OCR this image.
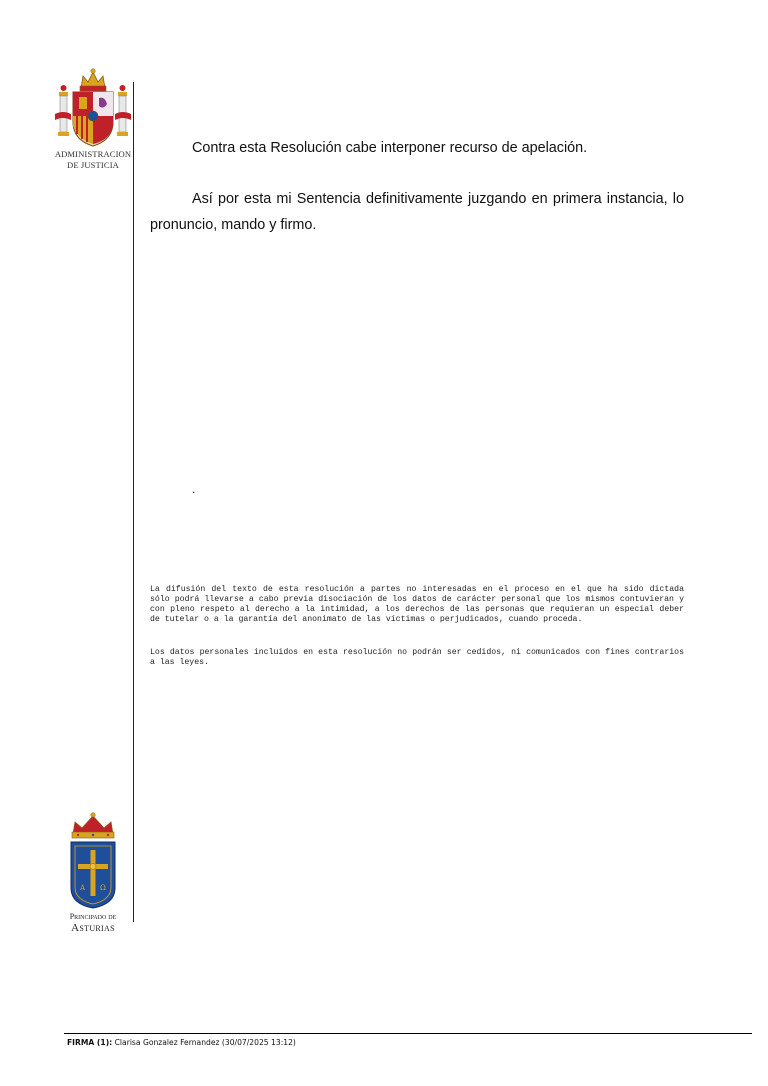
ADMINISTRACION
DE JUSTICIA
Contra esta Resolución cabe interponer recurso de apelación.
Así por esta mi Sentencia definitivamente juzgando en primera instancia, lo pronuncio, mando y firmo.
.
La difusión del texto de esta resolución a partes no interesadas en el proceso en el que ha sido dictada sólo podrá llevarse a cabo previa disociación de los datos de carácter personal que los mismos contuvieran y con pleno respeto al derecho a la intimidad, a los derechos de las personas que requieran un especial deber de tutelar o a la garantía del anonimato de las víctimas o perjudicados, cuando proceda.
Los datos personales incluidos en esta resolución no podrán ser cedidos, ni comunicados con fines contrarios a las leyes.
A Ω
Principado de
Asturias
FIRMA (1): Clarisa Gonzalez Fernandez (30/07/2025 13:12)
